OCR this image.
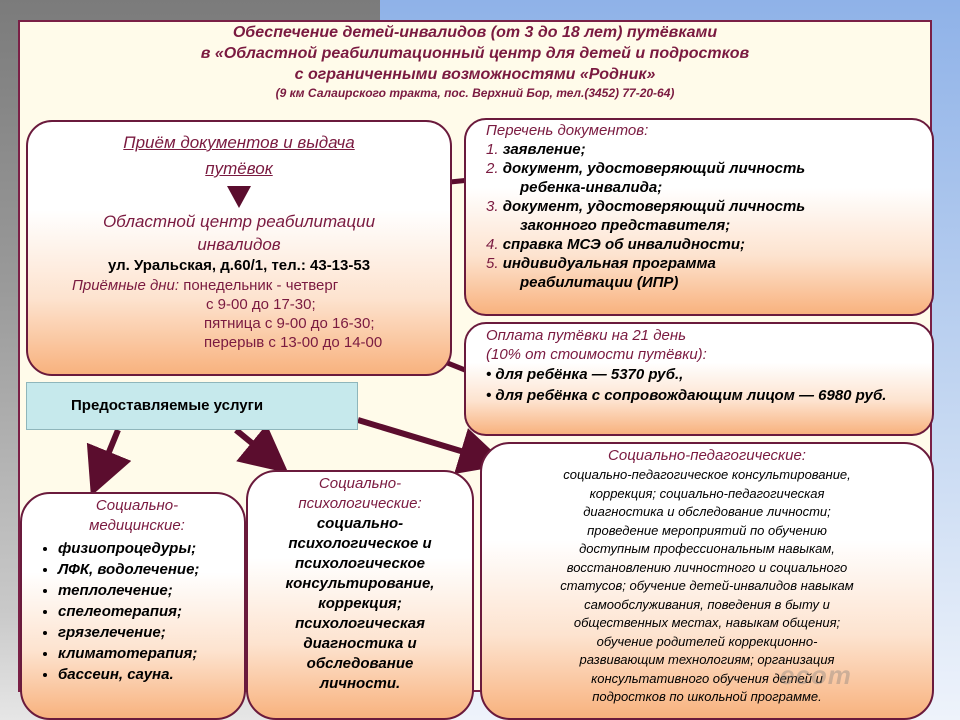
Обеспечение детей-инвалидов (от 3 до 18 лет) путёвками
в «Областной реабилитационный центр для детей и подростков
с ограниченными возможностями «Родник»
(9 км Салаирского тракта, пос. Верхний Бор, тел.(3452) 77-20-64)
Приём документов и выдача
путёвок
Областной центр реабилитации
инвалидов
ул. Уральская, д.60/1, тел.: 43-13-53
Приёмные дни: понедельник - четверг
с 9-00 до 17-30;
пятница с 9-00 до 16-30;
перерыв с 13-00 до 14-00
Перечень документов:
1. заявление;
2. документ, удостоверяющий личность
ребенка-инвалида;
3. документ, удостоверяющий личность
законного представителя;
4. справка МСЭ об инвалидности;
5. индивидуальная программа
реабилитации (ИПР)
Оплата путёвки на 21 день
(10% от стоимости путёвки):
• для ребёнка — 5370 руб.,
• для ребёнка с сопровождающим лицом — 6980 руб.
Предоставляемые услуги
Социально-
медицинские:
• физиопроцедуры;
• ЛФК, водолечение;
• теплолечение;
• спелеотерапия;
• грязелечение;
• климатотерапия;
• бассеин, сауна.
Социально-
психологические:
социально-
психологическое и
психологическое
консультирование,
коррекция;
психологическая
диагностика и
обследование
личности.
Социально-педагогические:
социально-педагогическое консультирование,
коррекция; социально-педагогическая
диагностика и обследование личности;
проведение мероприятий по обучению
доступным профессиональным навыкам,
восстановлению личностного и социального
статусов; обучение детей-инвалидов навыкам
самообслуживания, поведения в быту и
общественных местах, навыкам общения;
обучение родителей коррекционно-
развивающим технологиям; организация
консультативного обучения детей и
подростков по школьной программе.
ecom
